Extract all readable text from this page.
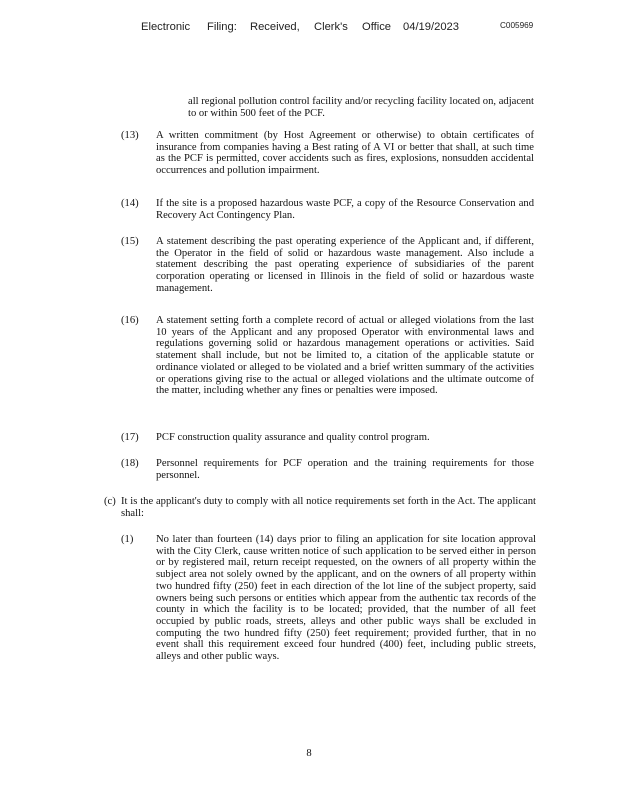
Electronic Filing: Received, Clerk's Office 04/19/2023	C005969
all regional pollution control facility and/or recycling facility located on, adjacent to or within 500 feet of the PCF.
(13) A written commitment (by Host Agreement or otherwise) to obtain certificates of insurance from companies having a Best rating of A VI or better that shall, at such time as the PCF is permitted, cover accidents such as fires, explosions, nonsudden accidental occurrences and pollution impairment.
(14) If the site is a proposed hazardous waste PCF, a copy of the Resource Conservation and Recovery Act Contingency Plan.
(15) A statement describing the past operating experience of the Applicant and, if different, the Operator in the field of solid or hazardous waste management. Also include a statement describing the past operating experience of subsidiaries of the parent corporation operating or licensed in Illinois in the field of solid or hazardous waste management.
(16) A statement setting forth a complete record of actual or alleged violations from the last 10 years of the Applicant and any proposed Operator with environmental laws and regulations governing solid or hazardous management operations or activities. Said statement shall include, but not be limited to, a citation of the applicable statute or ordinance violated or alleged to be violated and a brief written summary of the activities or operations giving rise to the actual or alleged violations and the ultimate outcome of the matter, including whether any fines or penalties were imposed.
(17) PCF construction quality assurance and quality control program.
(18) Personnel requirements for PCF operation and the training requirements for those personnel.
(c) It is the applicant's duty to comply with all notice requirements set forth in the Act. The applicant shall:
(1) No later than fourteen (14) days prior to filing an application for site location approval with the City Clerk, cause written notice of such application to be served either in person or by registered mail, return receipt requested, on the owners of all property within the subject area not solely owned by the applicant, and on the owners of all property within two hundred fifty (250) feet in each direction of the lot line of the subject property, said owners being such persons or entities which appear from the authentic tax records of the county in which the facility is to be located; provided, that the number of all feet occupied by public roads, streets, alleys and other public ways shall be excluded in computing the two hundred fifty (250) feet requirement; provided further, that in no event shall this requirement exceed four hundred (400) feet, including public streets, alleys and other public ways.
8
